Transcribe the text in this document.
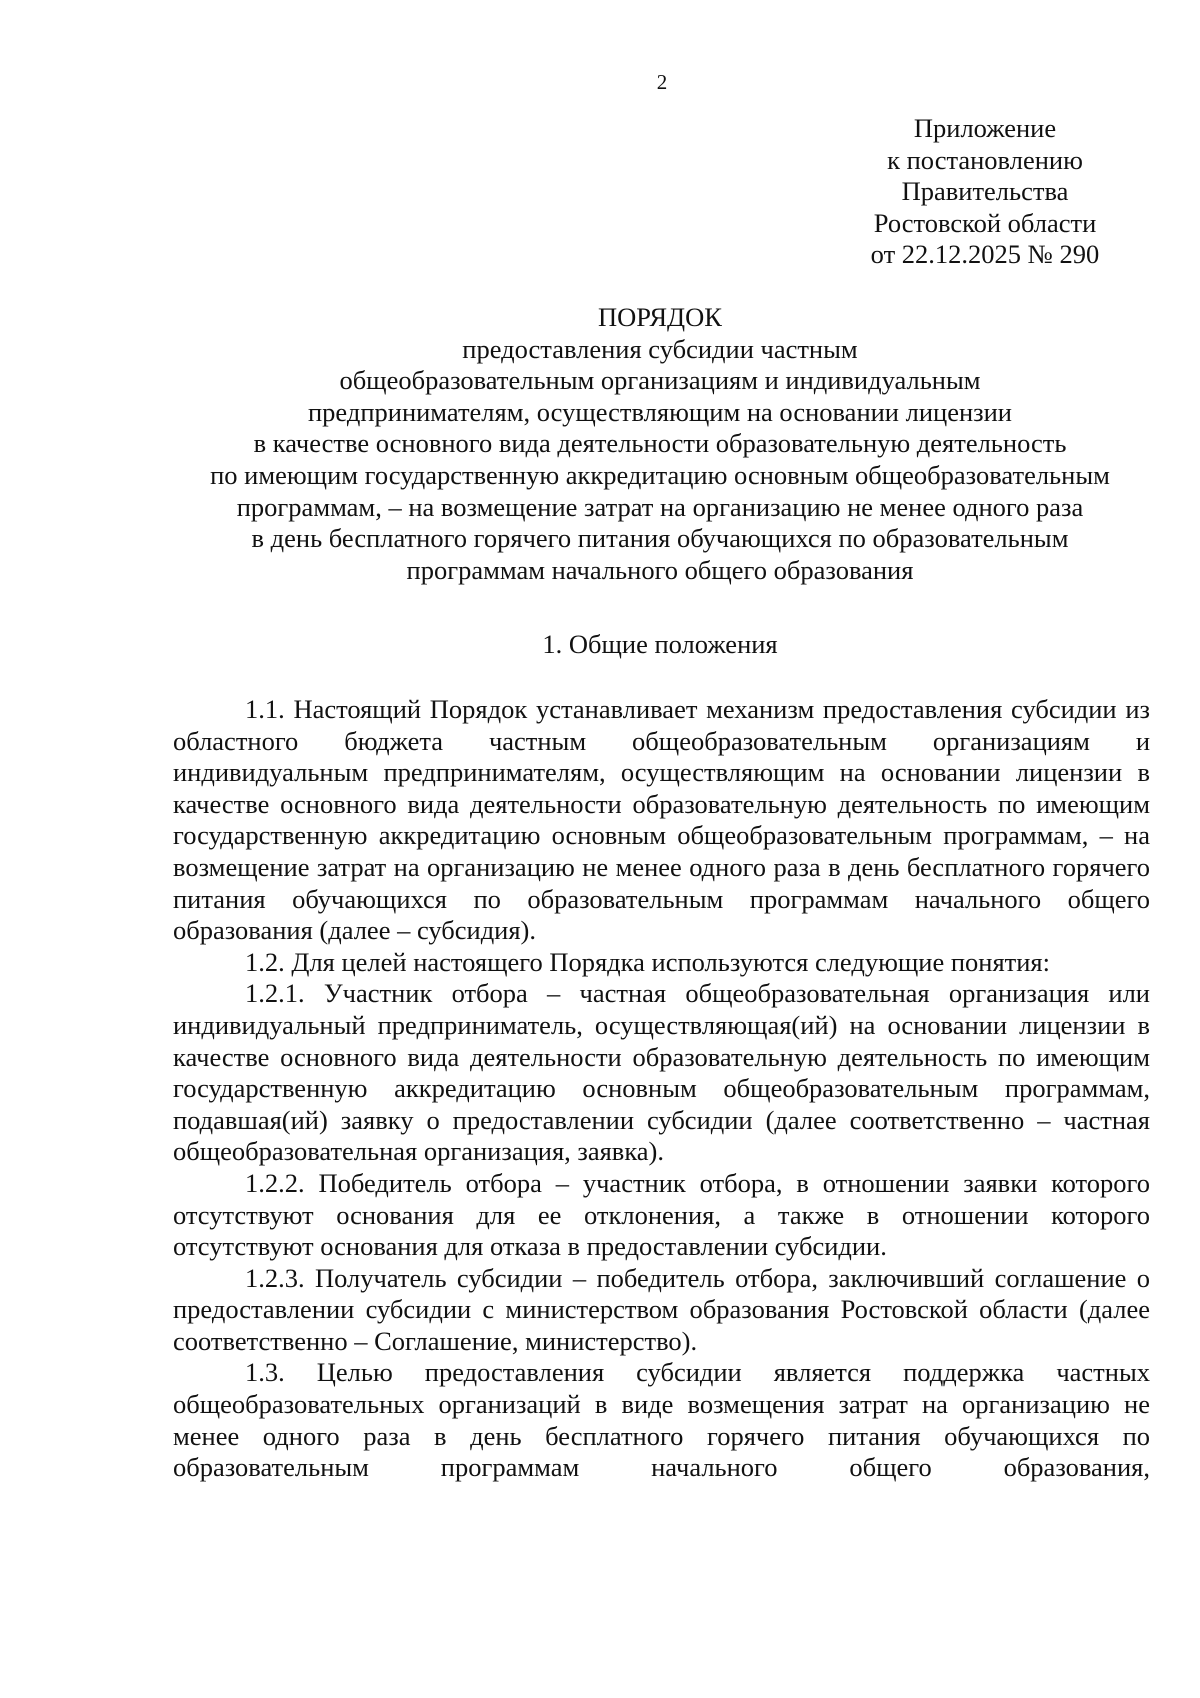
2
Приложение
к постановлению
Правительства
Ростовской области
от 22.12.2025 № 290
ПОРЯДОК
предоставления субсидии частным
общеобразовательным организациям и индивидуальным
предпринимателям, осуществляющим на основании лицензии
в качестве основного вида деятельности образовательную деятельность
по имеющим государственную аккредитацию основным общеобразовательным
программам, – на возмещение затрат на организацию не менее одного раза
в день бесплатного горячего питания обучающихся по образовательным
программам начального общего образования
1. Общие положения

1.1. Настоящий Порядок устанавливает механизм предоставления субсидии из областного бюджета частным общеобразовательным организациям и индивидуальным предпринимателям, осуществляющим на основании лицензии в качестве основного вида деятельности образовательную деятельность по имеющим государственную аккредитацию основным общеобразовательным программам, – на возмещение затрат на организацию не менее одного раза в день бесплатного горячего питания обучающихся по образовательным программам начального общего образования (далее – субсидия).

1.2. Для целей настоящего Порядка используются следующие понятия:

1.2.1. Участник отбора – частная общеобразовательная организация или индивидуальный предприниматель, осуществляющая(ий) на основании лицензии в качестве основного вида деятельности образовательную деятельность по имеющим государственную аккредитацию основным общеобразовательным программам, подавшая(ий) заявку о предоставлении субсидии (далее соответственно – частная общеобразовательная организация, заявка).

1.2.2. Победитель отбора – участник отбора, в отношении заявки которого отсутствуют основания для ее отклонения, а также в отношении которого отсутствуют основания для отказа в предоставлении субсидии.

1.2.3. Получатель субсидии – победитель отбора, заключивший соглашение о предоставлении субсидии с министерством образования Ростовской области (далее соответственно – Соглашение, министерство).

1.3. Целью предоставления субсидии является поддержка частных общеобразовательных организаций в виде возмещения затрат на организацию не менее одного раза в день бесплатного горячего питания обучающихся по образовательным программам начального общего образования,
